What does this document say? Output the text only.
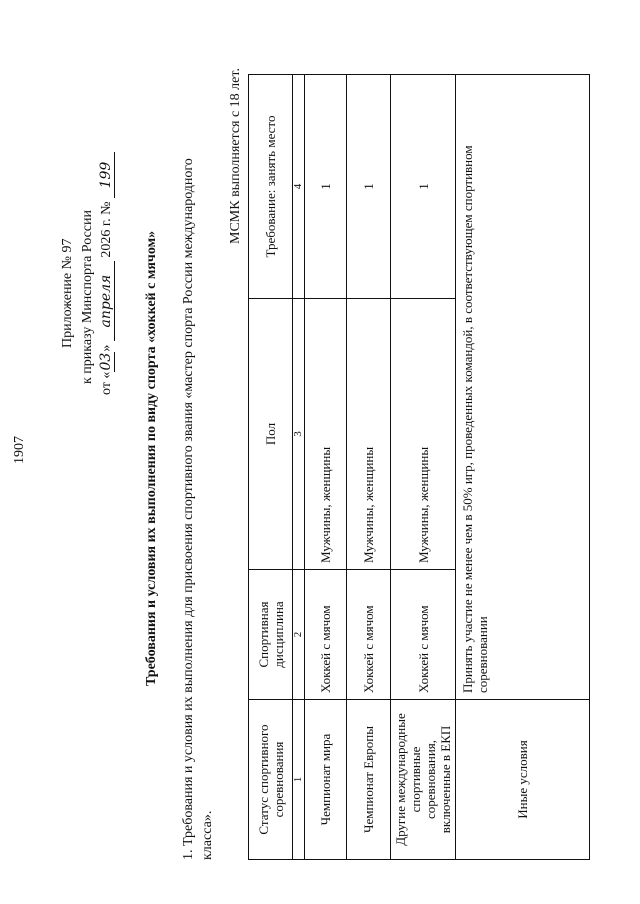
1907
Приложение № 97 к приказу Минспорта России от «03» апреля 2026 г. № 199
Требования и условия их выполнения по виду спорта «хоккей с мячом» 1. Требования и условия их выполнения для присвоения спортивного звания «мастер спорта России международного класса».
МСМК выполняется с 18 лет.
Статус спортивного соревнования	Спортивная дисциплина	Пол	Требование: занять место
1	2	3	4
Чемпионат мира	Хоккей с мячом	Мужчины, женщины	1
Чемпионат Европы	Хоккей с мячом	Мужчины, женщины	1
Другие международные спортивные соревнования, включенные в ЕКП	Хоккей с мячом	Мужчины, женщины	1
Иные условия	Принять участие не менее чем в 50% игр, проведенных командой, в соответствующем спортивном соревновании		
